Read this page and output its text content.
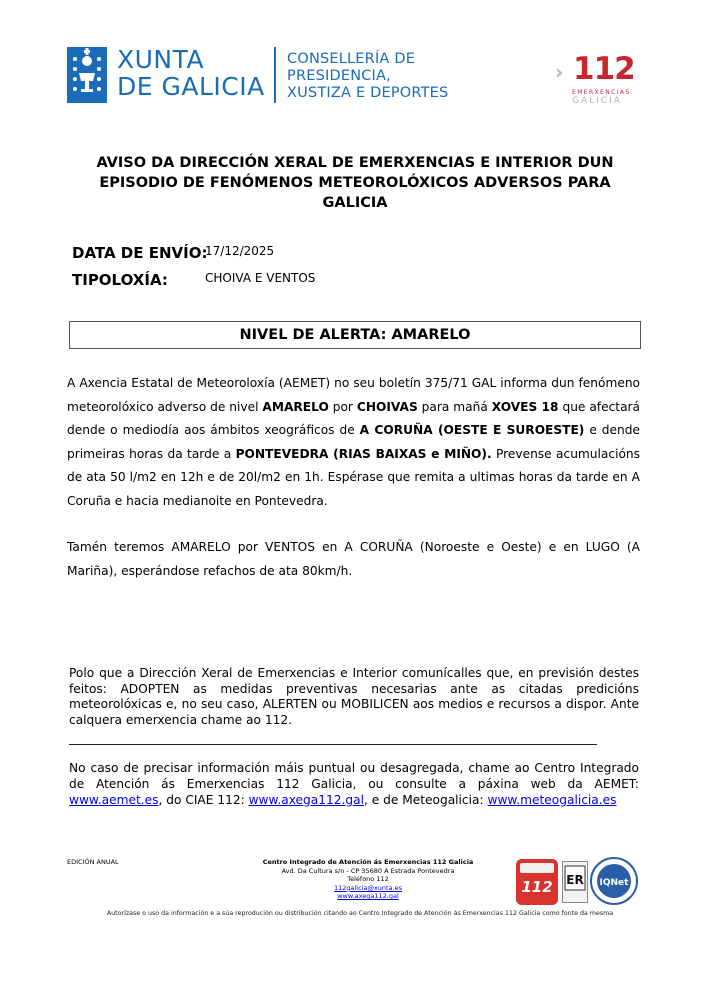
XUNTA
DE GALICIA
CONSELLERÍA DE
PRESIDENCIA,
XUSTIZA E DEPORTES
› 112
EMERXENCIAS
GALICIA
AVISO DA DIRECCIÓN XERAL DE EMERXENCIAS E INTERIOR DUN EPISODIO DE FENÓMENOS METEOROLÓXICOS ADVERSOS PARA GALICIA
DATA DE ENVÍO:
17/12/2025
TIPOLOXÍA:	CHOIVA E VENTOS
NIVEL DE ALERTA: AMARELO
A Axencia Estatal de Meteoroloxía (AEMET) no seu boletín 375/71 GAL informa dun fenómeno meteorolóxico adverso de nivel AMARELO por CHOIVAS para mañá XOVES 18 que afectará dende o mediodía aos ámbitos xeográficos de A CORUÑA (OESTE E SUROESTE) e dende primeiras horas da tarde a PONTEVEDRA (RIAS BAIXAS e MIÑO). Prevense acumulacións de ata 50 l/m2 en 12h e de 20l/m2 en 1h. Espérase que remita a ultimas horas da tarde en A Coruña e hacia medianoite en Pontevedra.
Tamén teremos AMARELO por VENTOS en A CORUÑA (Noroeste e Oeste) e en LUGO (A Mariña), esperándose refachos de ata 80km/h.
Polo que a Dirección Xeral de Emerxencias e Interior comunícalles que, en previsión destes feitos: ADOPTEN as medidas preventivas necesarias ante as citadas predicións meteorolóxicas e, no seu caso, ALERTEN ou MOBILICEN aos medios e recursos a dispor. Ante calquera emerxencia chame ao 112.
________________________________________________________________________________________
No caso de precisar información máis puntual ou desagregada, chame ao Centro Integrado de Atención ás Emerxencias 112 Galicia, ou consulte a páxina web da AEMET: www.aemet.es, do CIAE 112: www.axega112.gal, e de Meteogalicia: www.meteogalicia.es
EDICIÓN ANUAL	Centro Integrado de Atención ás Emerxencias 112 Galicia
Avd. Da Cultura s/n - CP 35680 A Estrada Pontevedra
Teléfono 112
112galicia@xunta.es
www.axega112.gal
112 ER IQNet
Autorízase o uso da información e a súa reprodución ou distribución citando ao Centro Integrado de Atención ás Emerxencias 112 Galicia como fonte da mesma
